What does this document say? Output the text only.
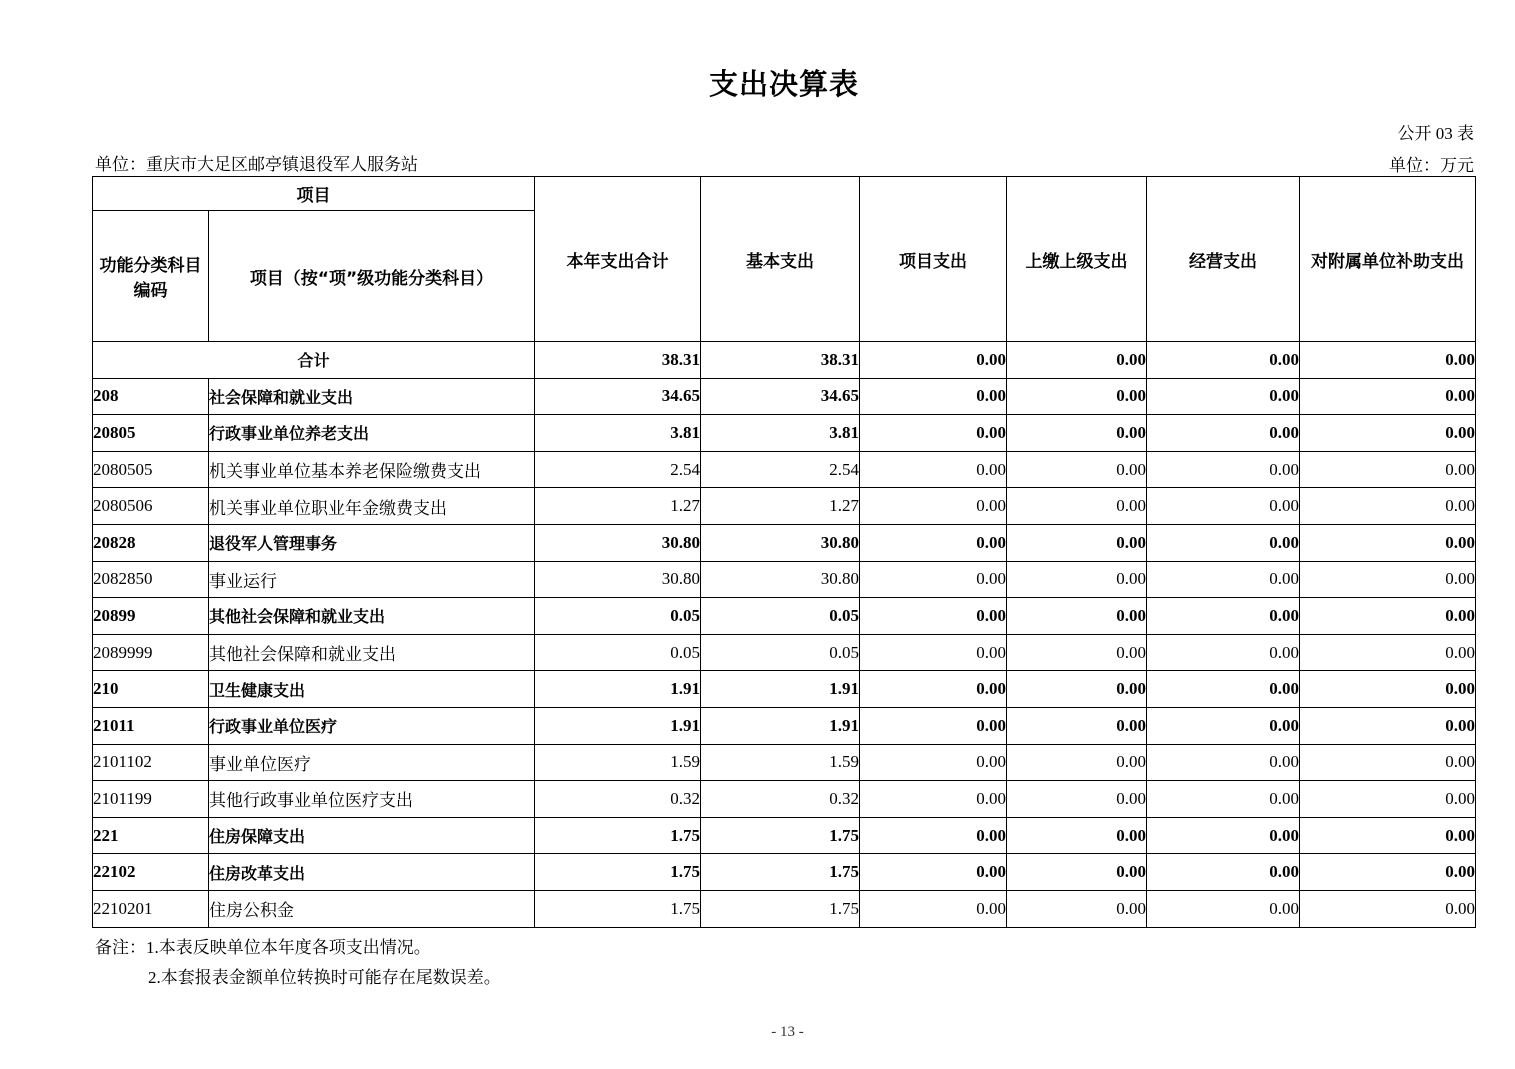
支出决算表
公开 03 表
单位：重庆市大足区邮亭镇退役军人服务站	单位：万元
项目		本年支出合计	基本支出	项目支出	上缴上级支出	经营支出	对附属单位补助支出
功能分类科目编码	项目（按“项”级功能分类科目）						
合计		38.31	38.31	0.00	0.00	0.00	0.00
208	社会保障和就业支出	34.65	34.65	0.00	0.00	0.00	0.00
20805	行政事业单位养老支出	3.81	3.81	0.00	0.00	0.00	0.00
2080505	机关事业单位基本养老保险缴费支出	2.54	2.54	0.00	0.00	0.00	0.00
2080506	机关事业单位职业年金缴费支出	1.27	1.27	0.00	0.00	0.00	0.00
20828	退役军人管理事务	30.80	30.80	0.00	0.00	0.00	0.00
2082850	事业运行	30.80	30.80	0.00	0.00	0.00	0.00
20899	其他社会保障和就业支出	0.05	0.05	0.00	0.00	0.00	0.00
2089999	其他社会保障和就业支出	0.05	0.05	0.00	0.00	0.00	0.00
210	卫生健康支出	1.91	1.91	0.00	0.00	0.00	0.00
21011	行政事业单位医疗	1.91	1.91	0.00	0.00	0.00	0.00
2101102	事业单位医疗	1.59	1.59	0.00	0.00	0.00	0.00
2101199	其他行政事业单位医疗支出	0.32	0.32	0.00	0.00	0.00	0.00
221	住房保障支出	1.75	1.75	0.00	0.00	0.00	0.00
22102	住房改革支出	1.75	1.75	0.00	0.00	0.00	0.00
2210201	住房公积金	1.75	1.75	0.00	0.00	0.00	0.00
备注：1.本表反映单位本年度各项支出情况。
2.本套报表金额单位转换时可能存在尾数误差。
- 13 -
